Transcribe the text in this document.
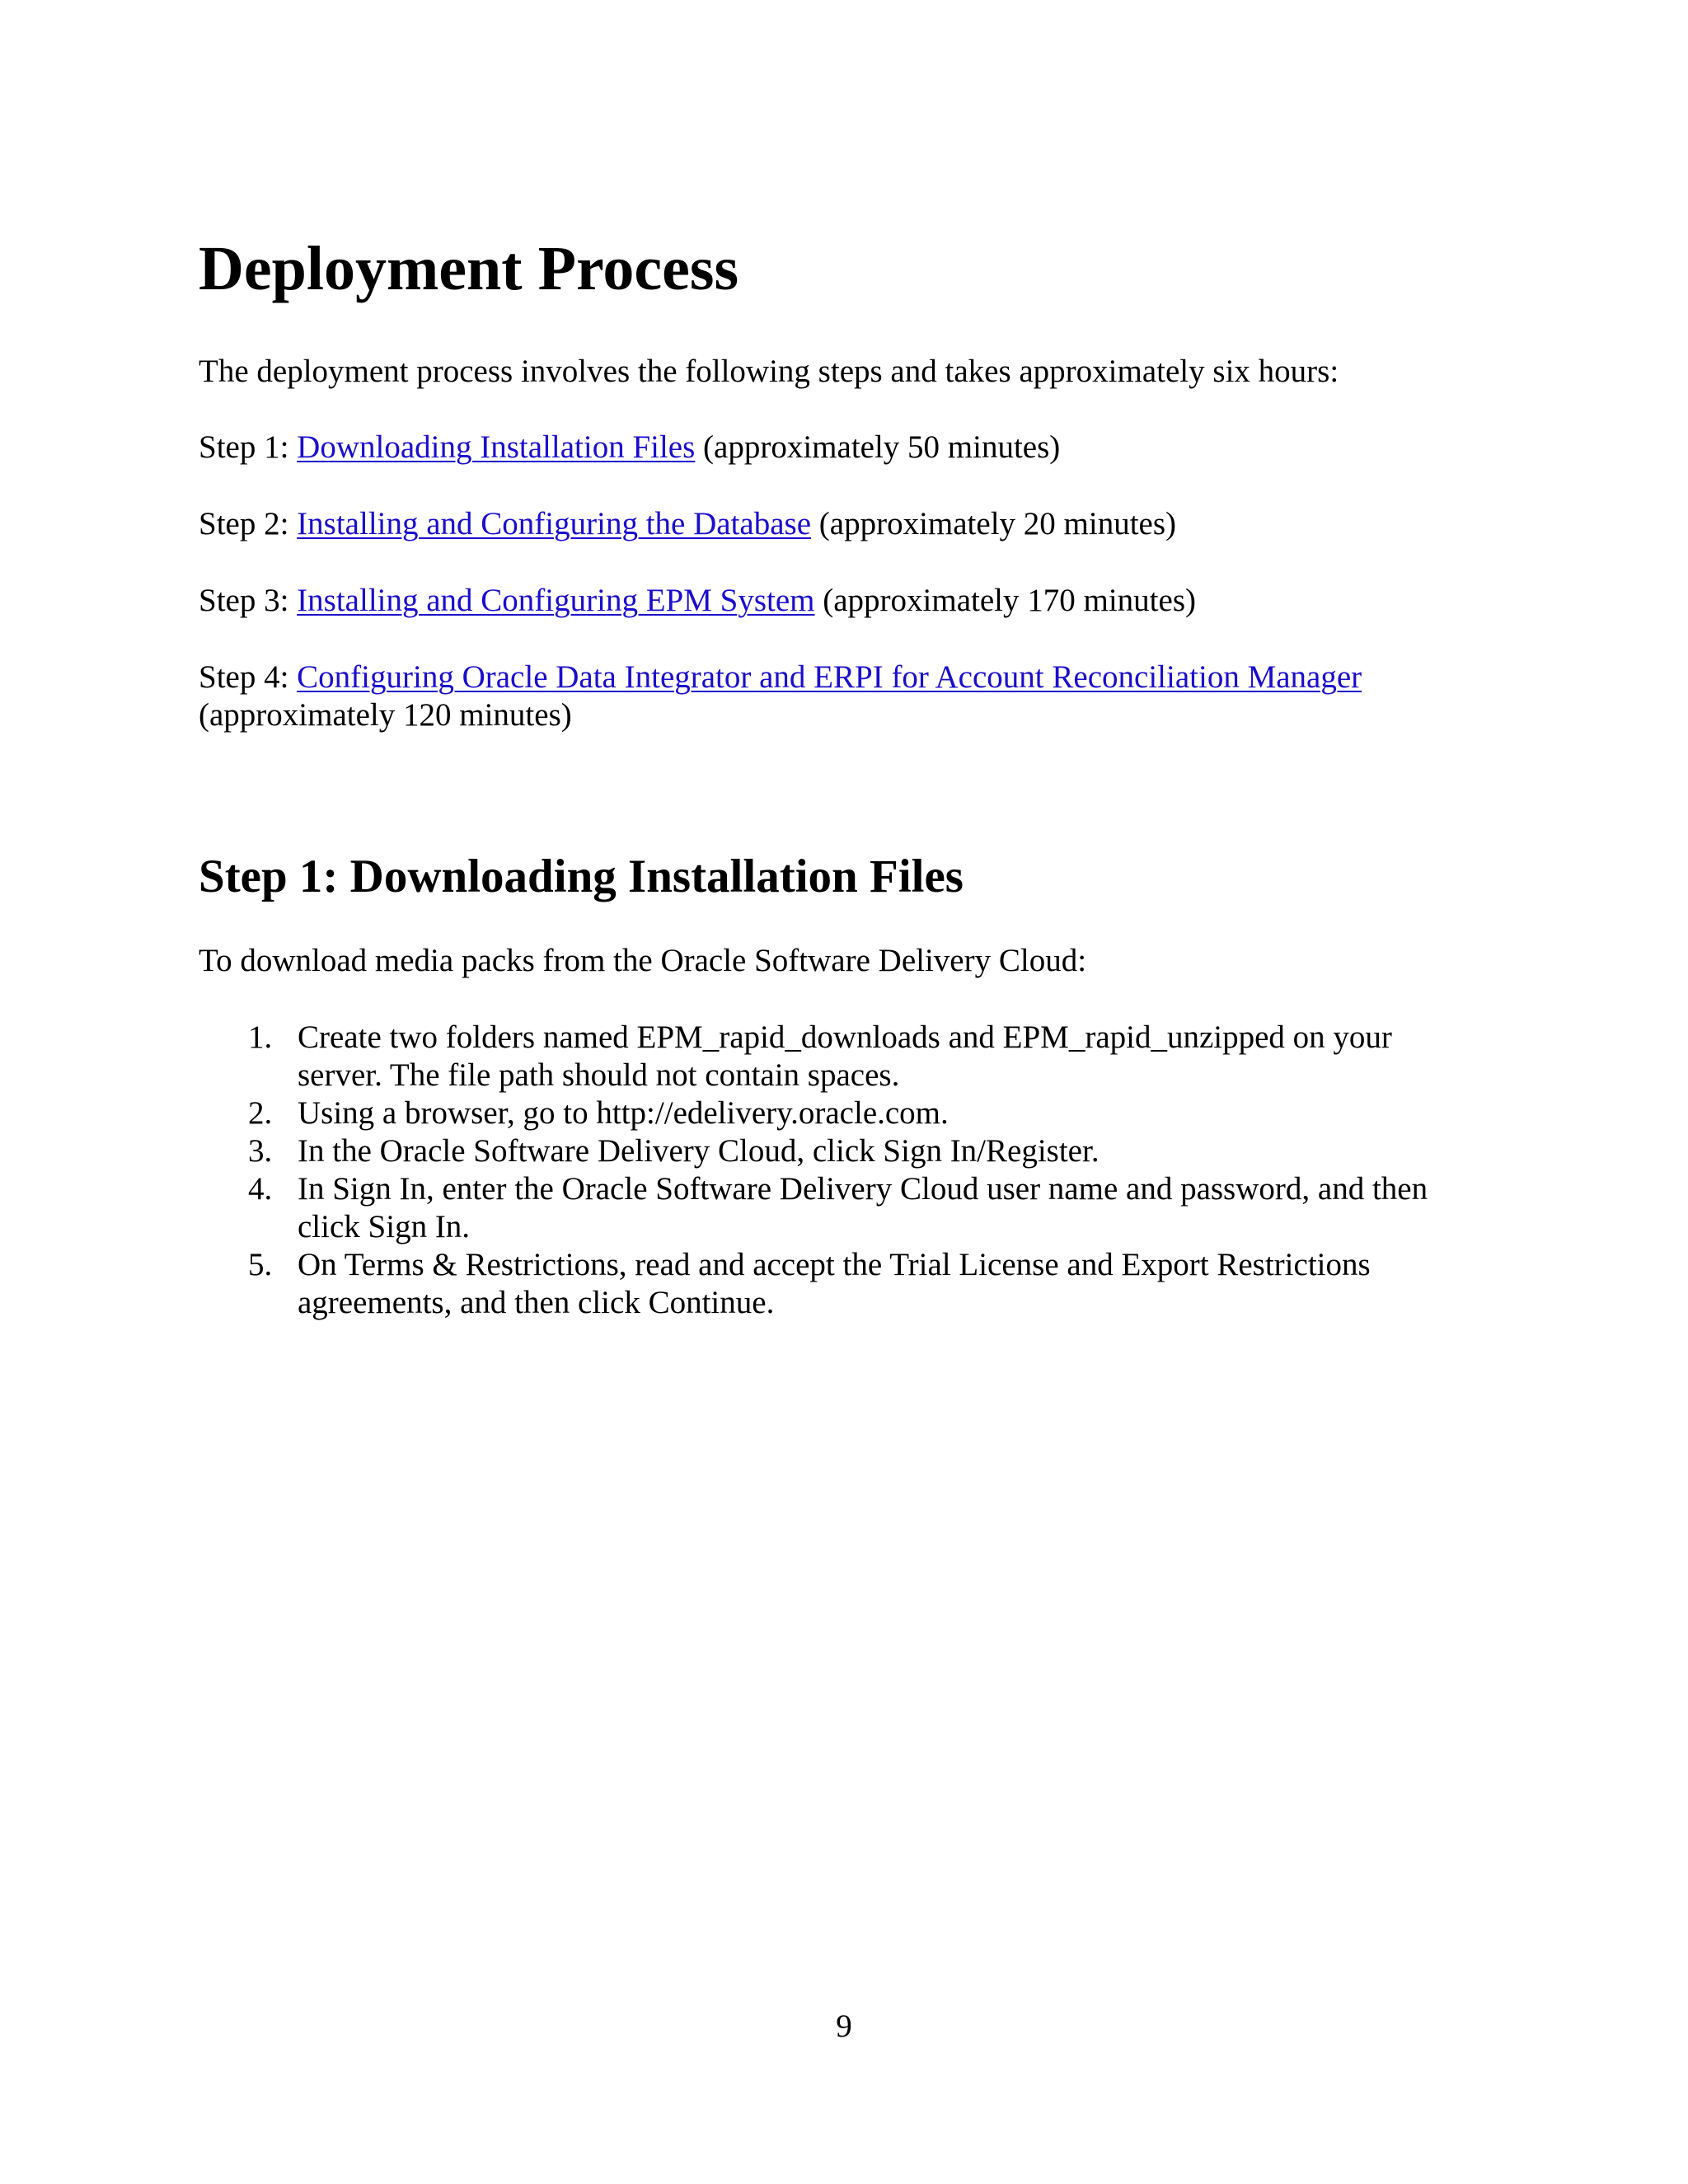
Deployment Process

The deployment process involves the following steps and takes approximately six hours:

Step 1: Downloading Installation Files (approximately 50 minutes)

Step 2: Installing and Configuring the Database (approximately 20 minutes)

Step 3: Installing and Configuring EPM System (approximately 170 minutes)

Step 4: Configuring Oracle Data Integrator and ERPI for Account Reconciliation Manager
(approximately 120 minutes)

Step 1: Downloading Installation Files

To download media packs from the Oracle Software Delivery Cloud:

1. Create two folders named EPM_rapid_downloads and EPM_rapid_unzipped on your
server. The file path should not contain spaces.
2. Using a browser, go to http://edelivery.oracle.com.
3. In the Oracle Software Delivery Cloud, click Sign In/Register.
4. In Sign In, enter the Oracle Software Delivery Cloud user name and password, and then
click Sign In.
5. On Terms & Restrictions, read and accept the Trial License and Export Restrictions
agreements, and then click Continue.
9
